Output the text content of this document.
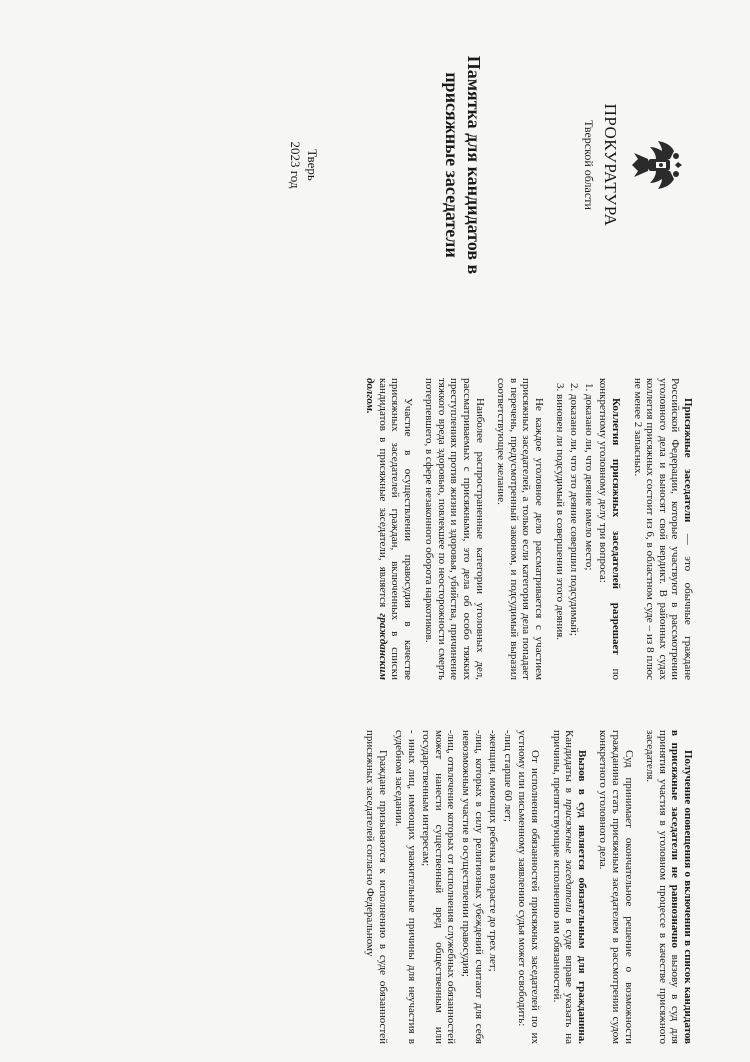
ПРОКУРАТУРА
Тверской области
Памятка для кандидатов в
присяжные заседатели
Тверь
2023 год

Присяжные заседатели — это обычные граждане Российской Федерации, которые участвуют в рассмотрении уголовного дела и выносят свой вердикт. В районных судах коллегия присяжных состоит из 6, в областном суде – из 8 плюс не менее 2 запасных.

Коллегия присяжных заседателей разрешает по конкретному уголовному делу три вопроса:

1. доказано ли, что деяние имело место;
2. доказано ли, что это деяние совершил подсудимый;
3. виновен ли подсудимый в совершении этого деяния.

Не каждое уголовное дело рассматривается с участием присяжных заседателей, а только если категория дела попадает в перечень, предусмотренный законом, и подсудимый выразил соответствующее желание.

Наиболее распространенные категории уголовных дел, рассматриваемых с присяжными, это дела об особо тяжких преступлениях против жизни и здоровья, убийства, причинение тяжкого вреда здоровью, повлекшее по неосторожности смерть потерпевшего, в сфере незаконного оборота наркотиков.

Участие в осуществлении правосудия в качестве присяжных заседателей граждан, включенных в списки кандидатов в присяжные заседатели, является гражданским долгом.

Получение оповещения о включении в список кандидатов в присяжные заседатели не равнозначно вызову в суд для принятия участия в уголовном процессе в качестве присяжного заседателя.

Суд принимает окончательное решение о возможности гражданина стать присяжным заседателем в рассмотрении судом конкретного уголовного дела.

Вызов в суд является обязательным для гражданина. Кандидаты в присяжные заседатели в суде вправе указать на причины, препятствующие исполнению им обязанностей.

От исполнения обязанностей присяжных заседателей по их устному или письменному заявлению судья может освободить:

-лиц старше 60 лет;
-женщин, имеющих ребенка в возрасте до трех лет;
-лиц, которых в силу религиозных убеждений считают для себя невозможным участие в осуществлении правосудия;
-лиц, отвлечение которых от исполнения служебных обязанностей может нанести существенный вред общественным или государственным интересам;
- иных лиц, имеющих уважительные причины для неучастия в судебном заседании.

Граждане призываются к исполнению в суде обязанностей присяжных заседателей согласно Федеральному
